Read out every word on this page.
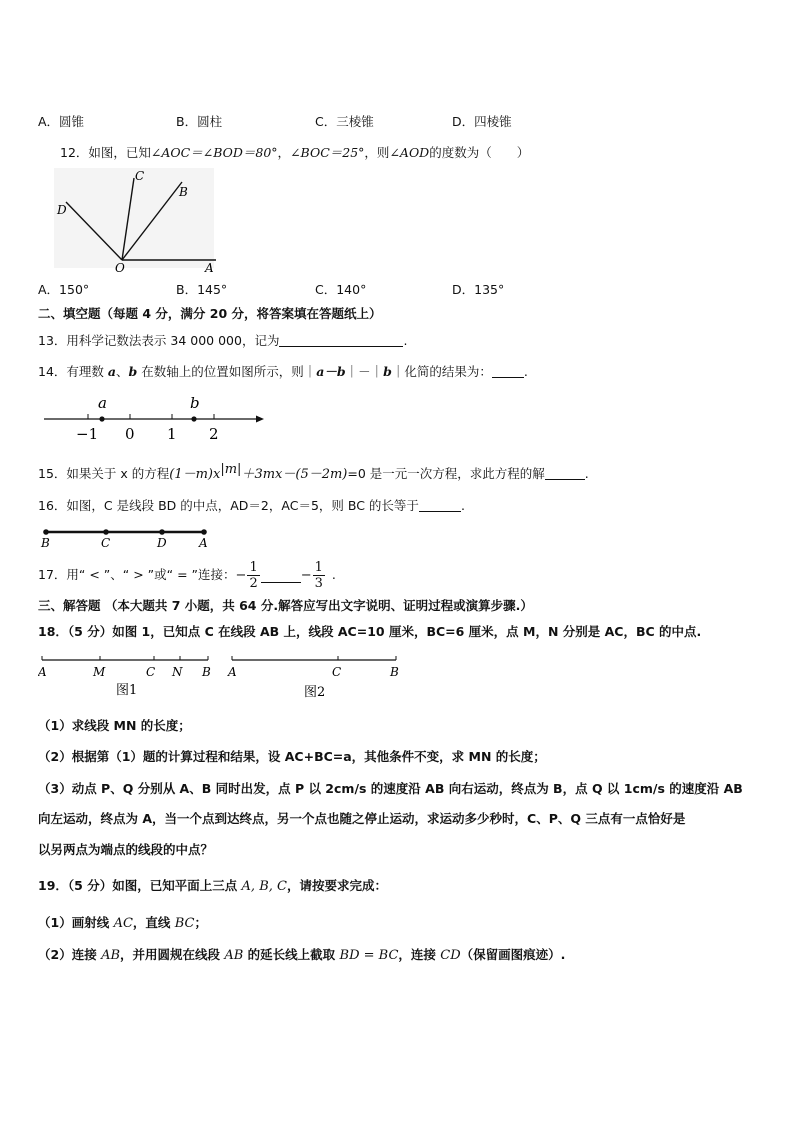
A．圆锥	B．圆柱	C．三棱锥	D．四棱锥
12．如图，已知∠AOC＝∠BOD＝80°，∠BOC＝25°，则∠AOD的度数为（　　）
C
B
D
O	A
A．150°	B．145°	C．140°	D．135°
二、填空题（每题 4 分，满分 20 分，将答案填在答题纸上）
13．用科学记数法表示 34 000 000，记为	.
14．有理数 a、b 在数轴上的位置如图所示，则｜a－b｜－｜b｜化简的结果为：	.
a	b
−1 0 1 2
15．如果关于 x 的方程$(1-m)x^{|m|}+3mx-(5-2m)=0$ 是一元一次方程，求此方程的解	.
16．如图，C 是线段 BD 的中点，AD＝2，AC＝5，则 BC 的长等于	.
B	C	D	A
17．用“ < ”、“ > ”或“ = ”连接：− $\frac{1}{2}$	− $\frac{1}{3}$ .
三、解答题 （本大题共 7 小题，共 64 分.解答应写出文字说明、证明过程或演算步骤.）
18．（5 分）如图 1，已知点 C 在线段 AB 上，线段 AC=10 厘米，BC=6 厘米，点 M，N 分别是 AC，BC 的中点.
A	M	C N B
图1
A	C	B
图2
（1）求线段 MN 的长度；
（2）根据第（1）题的计算过程和结果，设 AC+BC=a，其他条件不变，求 MN 的长度；
（3）动点 P、Q 分别从 A、B 同时出发，点 P 以 2cm/s 的速度沿 AB 向右运动，终点为 B，点 Q 以 1cm/s 的速度沿 AB
向左运动，终点为 A，当一个点到达终点，另一个点也随之停止运动，求运动多少秒时，C、P、Q 三点有一点恰好是
以另两点为端点的线段的中点？
19．（5 分）如图，已知平面上三点 A, B, C，请按要求完成：
（1）画射线 AC，直线 BC；
（2）连接 AB，并用圆规在线段 AB 的延长线上截取 BD = BC，连接 CD（保留画图痕迹）.
